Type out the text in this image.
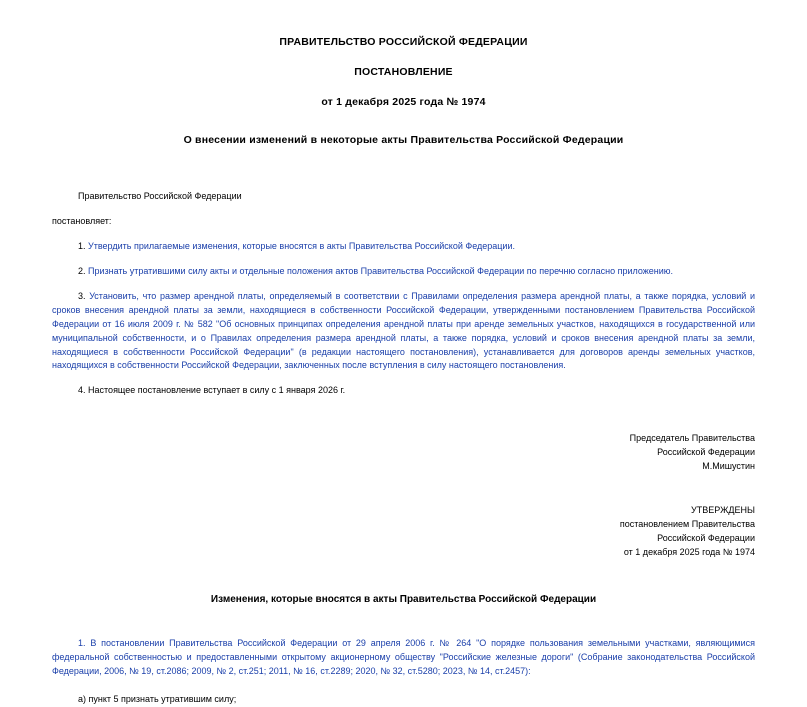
ПРАВИТЕЛЬСТВО РОССИЙСКОЙ ФЕДЕРАЦИИ
ПОСТАНОВЛЕНИЕ
от 1 декабря 2025 года № 1974
О внесении изменений в некоторые акты Правительства Российской Федерации
Правительство Российской Федерации
постановляет:
1. Утвердить прилагаемые изменения, которые вносятся в акты Правительства Российской Федерации.
2. Признать утратившими силу акты и отдельные положения актов Правительства Российской Федерации по перечню согласно приложению.
3. Установить, что размер арендной платы, определяемый в соответствии с Правилами определения размера арендной платы, а также порядка, условий и сроков внесения арендной платы за земли, находящиеся в собственности Российской Федерации, утвержденными постановлением Правительства Российской Федерации от 16 июля 2009 г. № 582 "Об основных принципах определения арендной платы при аренде земельных участков, находящихся в государственной или муниципальной собственности, и о Правилах определения размера арендной платы, а также порядка, условий и сроков внесения арендной платы за земли, находящиеся в собственности Российской Федерации" (в редакции настоящего постановления), устанавливается для договоров аренды земельных участков, находящихся в собственности Российской Федерации, заключенных после вступления в силу настоящего постановления.
4. Настоящее постановление вступает в силу с 1 января 2026 г.
Председатель Правительства
Российской Федерации
М.Мишустин
УТВЕРЖДЕНЫ
постановлением Правительства
Российской Федерации
от 1 декабря 2025 года № 1974
Изменения, которые вносятся в акты Правительства Российской Федерации
1. В постановлении Правительства Российской Федерации от 29 апреля 2006 г. № 264 "О порядке пользования земельными участками, являющимися федеральной собственностью и предоставленными открытому акционерному обществу "Российские железные дороги" (Собрание законодательства Российской Федерации, 2006, № 19, ст.2086; 2009, № 2, ст.251; 2011, № 16, ст.2289; 2020, № 32, ст.5280; 2023, № 14, ст.2457):
а) пункт 5 признать утратившим силу;
